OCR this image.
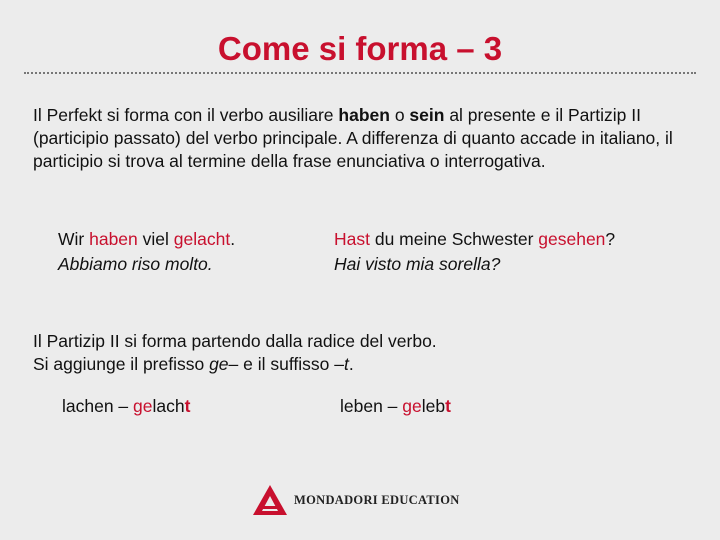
Come si forma – 3

Il Perfekt si forma con il verbo ausiliare haben o sein al presente e il Partizip II (participio passato) del verbo principale. A differenza di quanto accade in italiano, il participio si trova al termine della frase enunciativa o interrogativa.

Wir haben viel gelacht.

Abbiamo riso molto.

Hast du meine Schwester gesehen?

Hai visto mia sorella?

Il Partizip II si forma partendo dalla radice del verbo.
Si aggiunge il prefisso ge– e il suffisso –t.

lachen – gelacht	leben – gelebt

MONDADORI EDUCATION
